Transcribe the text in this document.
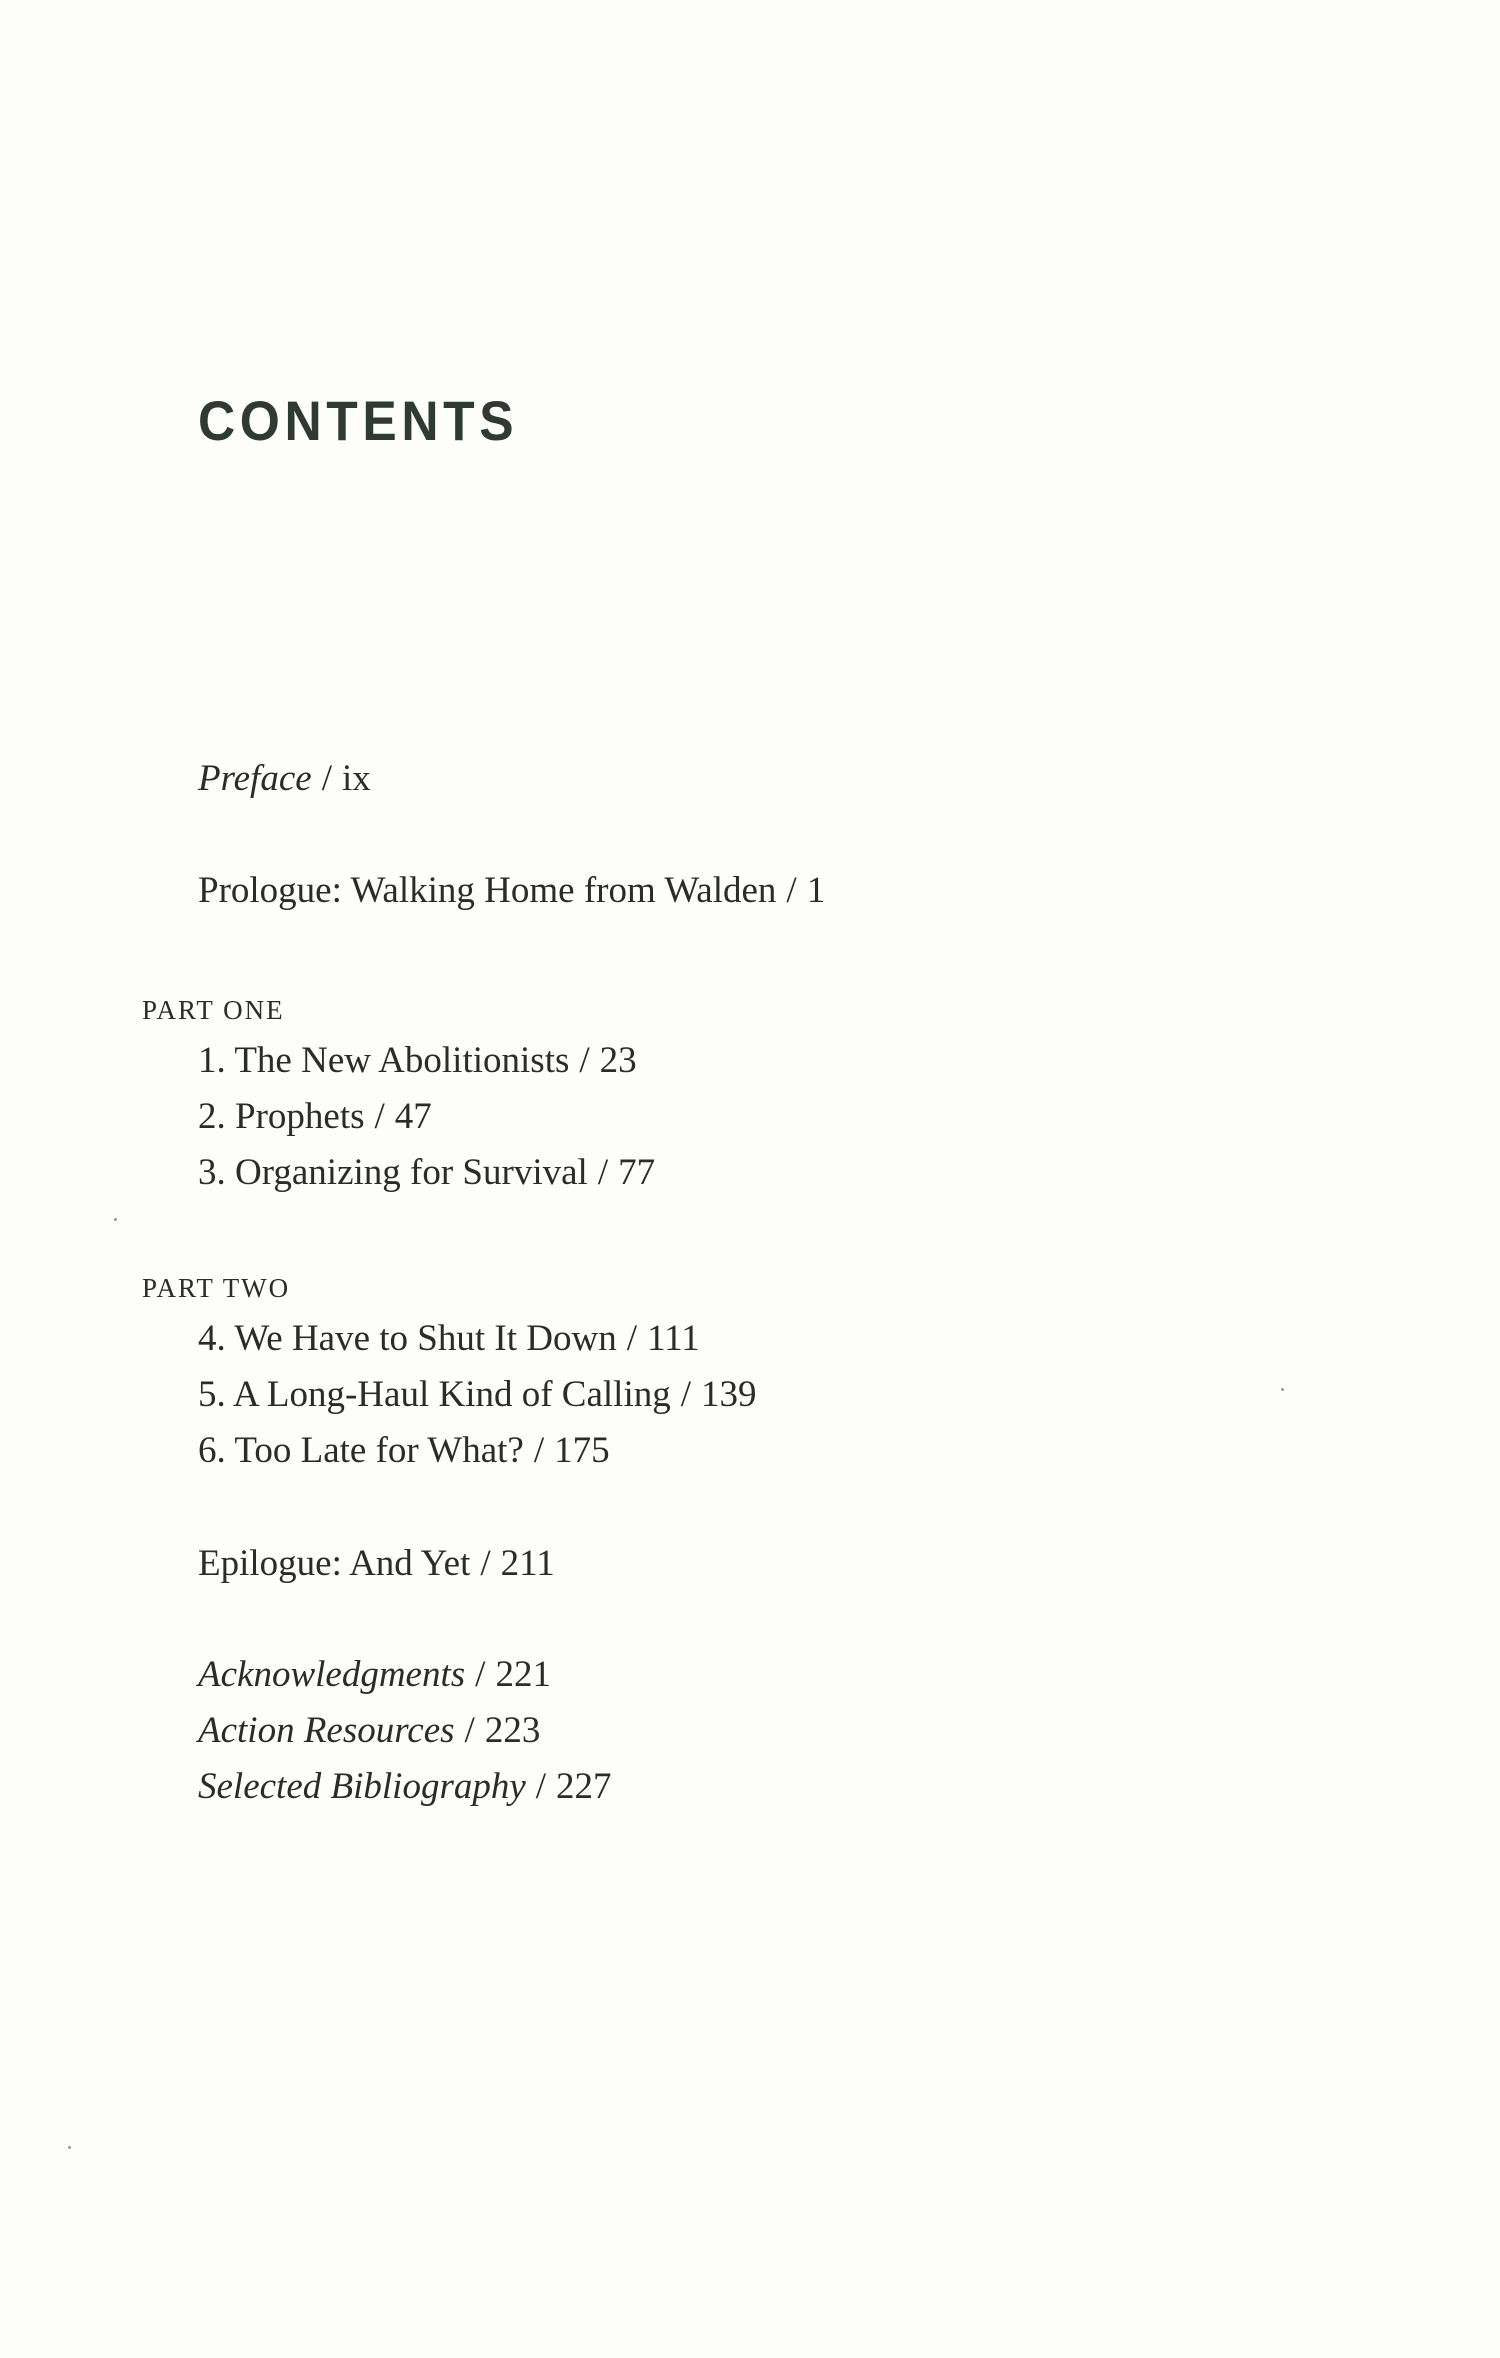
CONTENTS
Preface / ix
Prologue: Walking Home from Walden / 1
PART ONE
1. The New Abolitionists / 23
2. Prophets / 47
3. Organizing for Survival / 77
PART TWO
4. We Have to Shut It Down / 111
5. A Long-Haul Kind of Calling / 139
6. Too Late for What? / 175
Epilogue: And Yet / 211
Acknowledgments / 221
Action Resources / 223
Selected Bibliography / 227
